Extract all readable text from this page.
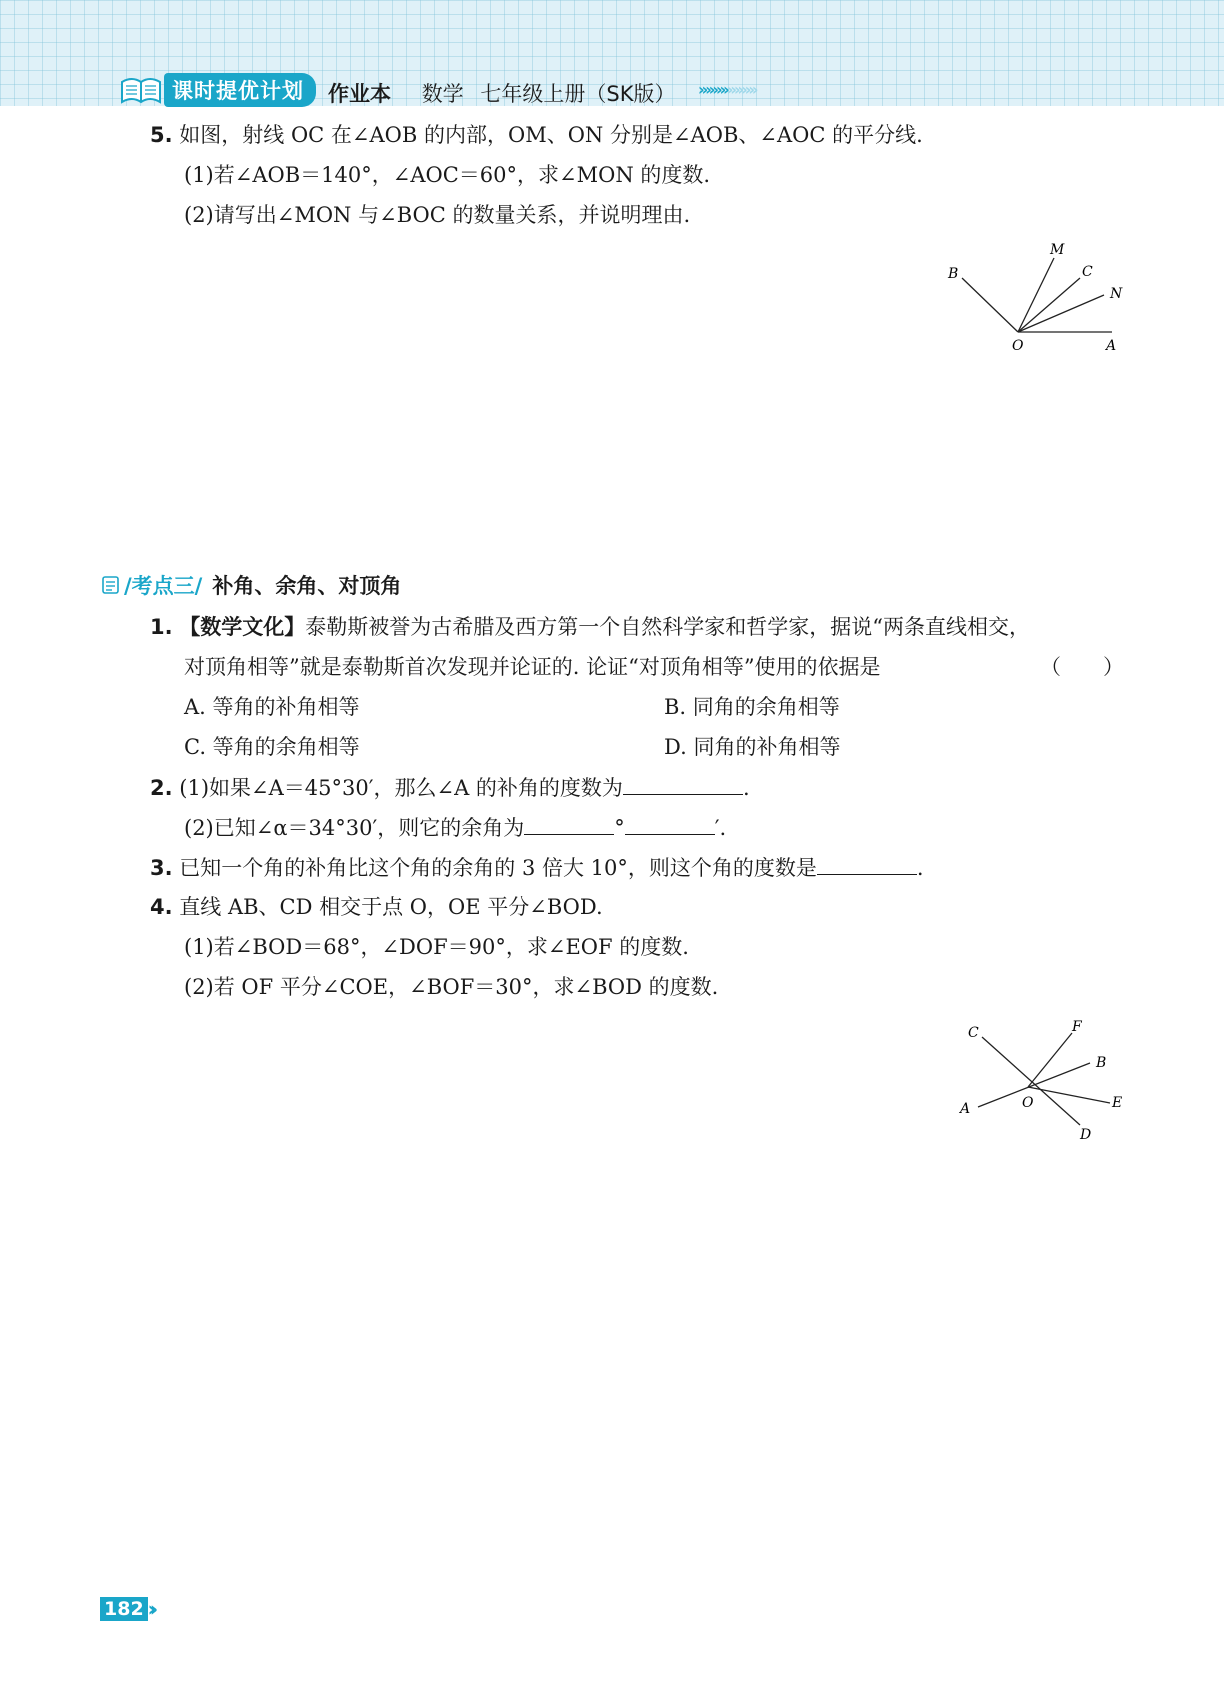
课时提优计划	作业本 数学 七年级上册（SK版） ››››››››››››››››
5. 如图，射线 OC 在∠AOB 的内部，OM、ON 分别是∠AOB、∠AOC 的平分线.
(1)若∠AOB＝140°，∠AOC＝60°，求∠MON 的度数.
(2)请写出∠MON 与∠BOC 的数量关系，并说明理由.
B
M
C
N
O	A
/考点三/ 补角、余角、对顶角
1. 【数学文化】泰勒斯被誉为古希腊及西方第一个自然科学家和哲学家，据说“两条直线相交，
对顶角相等”就是泰勒斯首次发现并论证的. 论证“对顶角相等”使用的依据是	（　　）
A. 等角的补角相等	B. 同角的余角相等
C. 等角的余角相等	D. 同角的补角相等
2. (1)如果∠A＝45°30′，那么∠A 的补角的度数为	.
(2)已知∠α＝34°30′，则它的余角为	°	′.
3. 已知一个角的补角比这个角的余角的 3 倍大 10°，则这个角的度数是	.
4. 直线 AB、CD 相交于点 O，OE 平分∠BOD.
(1)若∠BOD＝68°，∠DOF＝90°，求∠EOF 的度数.
(2)若 OF 平分∠COE，∠BOF＝30°，求∠BOD 的度数.
C	F
B
A	O	E
D
182 ››
